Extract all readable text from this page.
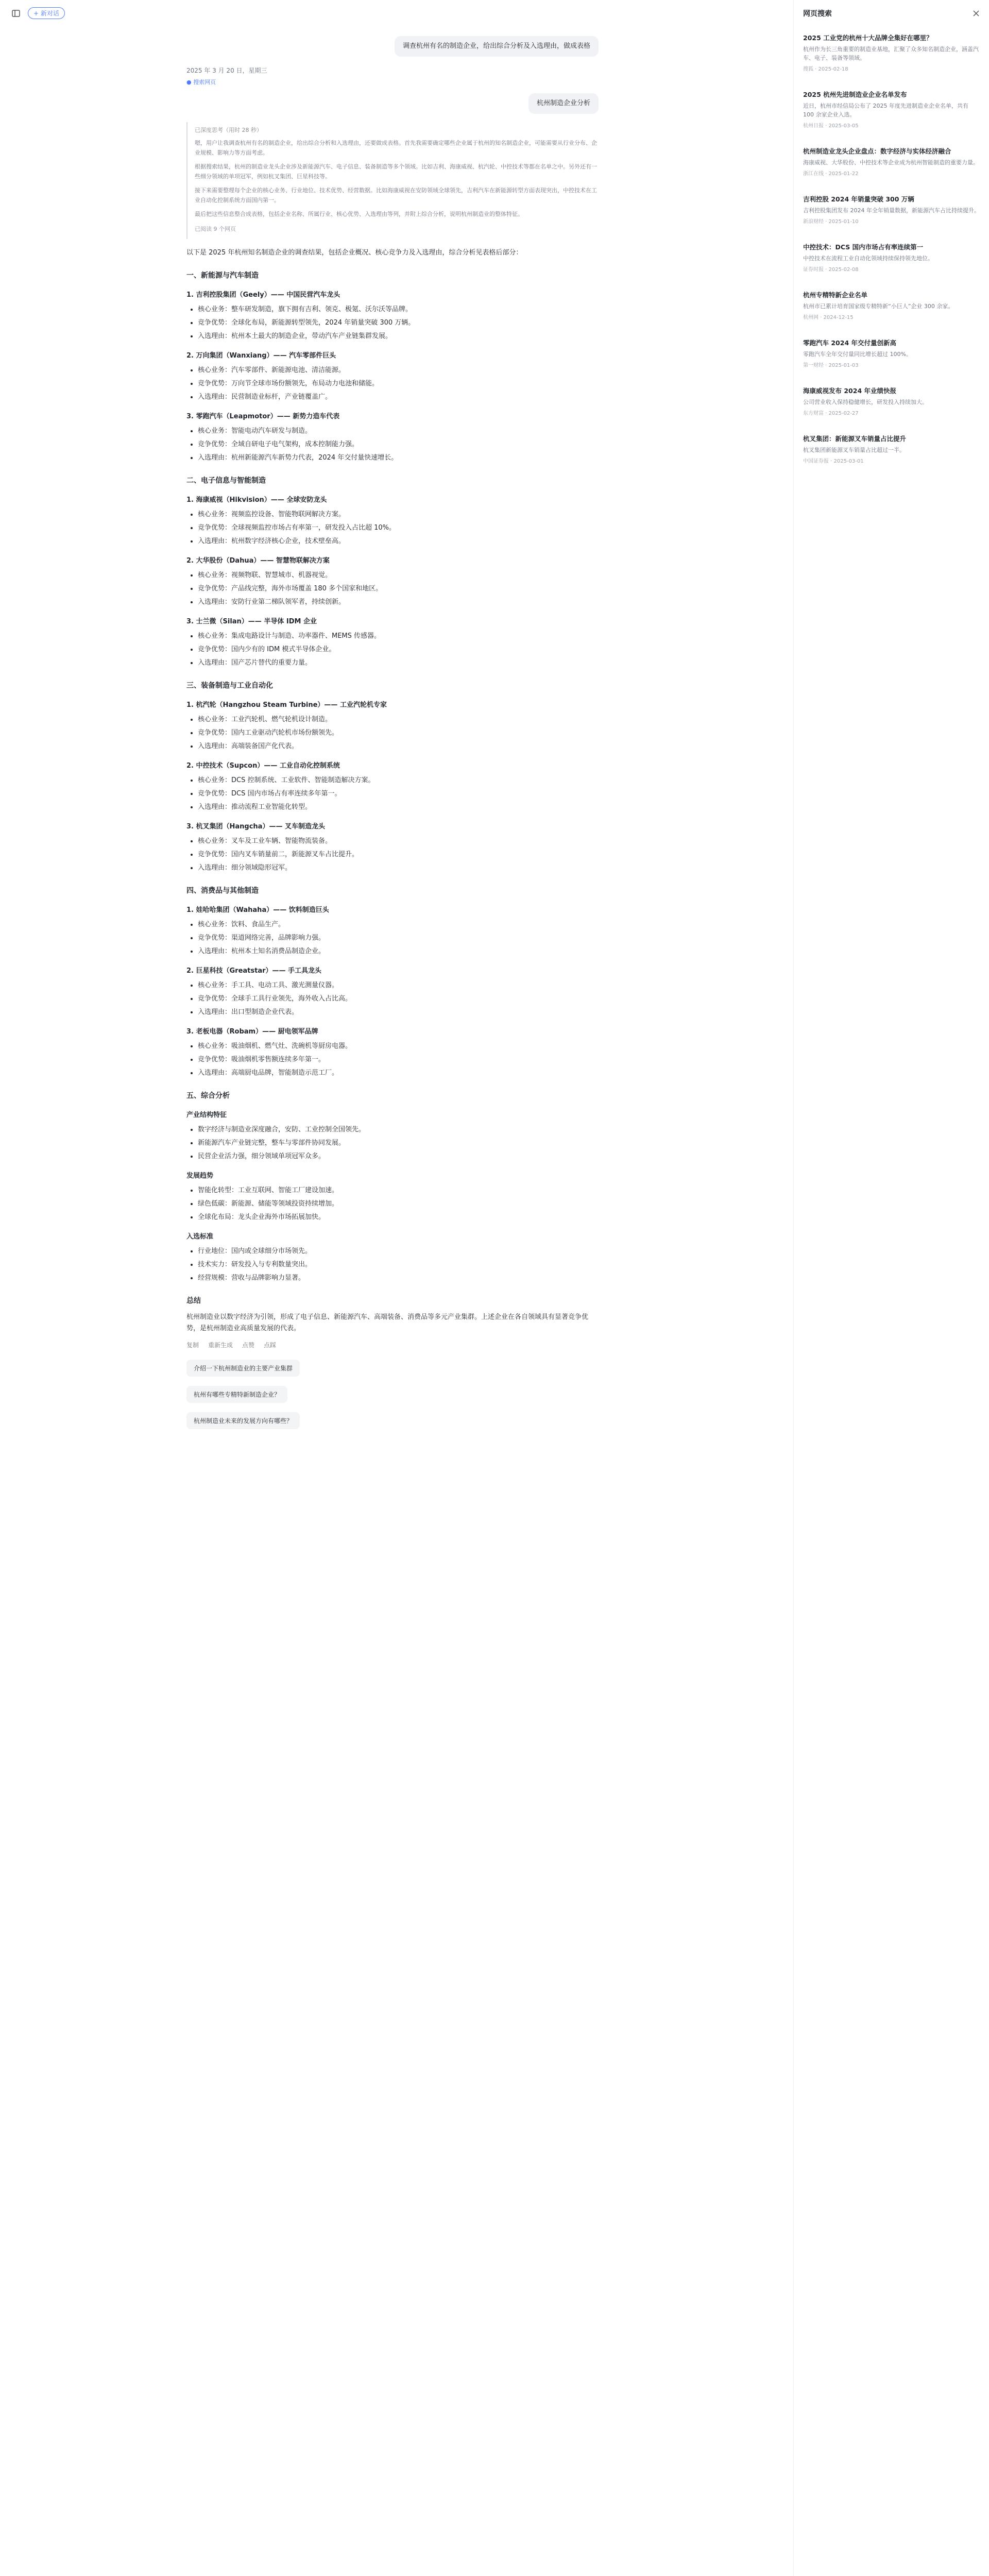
+ 新对话
调查杭州有名的制造企业，给出综合分析及入选理由，做成表格
2025 年 3 月 20 日，星期三
● 搜索网页
杭州制造企业分析
已深度思考（用时 28 秒）

嗯，用户让我调查杭州有名的制造企业，给出综合分析和入选理由，还要做成表格。首先我需要确定哪些企业属于杭州的知名制造企业，可能需要从行业分布、企业规模、影响力等方面考虑。

根据搜索结果，杭州的制造业龙头企业涉及新能源汽车、电子信息、装备制造等多个领域。比如吉利、海康威视、杭汽轮、中控技术等都在名单之中。另外还有一些细分领域的单项冠军，例如杭叉集团、巨星科技等。

接下来需要整理每个企业的核心业务、行业地位、技术优势、经营数据。比如海康威视在安防领域全球领先，吉利汽车在新能源转型方面表现突出，中控技术在工业自动化控制系统方面国内第一。

最后把这些信息整合成表格，包括企业名称、所属行业、核心优势、入选理由等列，并附上综合分析，说明杭州制造业的整体特征。

已阅读 9 个网页

以下是 2025 年杭州知名制造企业的调查结果，包括企业概况、核心竞争力及入选理由，综合分析见表格后部分：

一、新能源与汽车制造
1. 吉利控股集团（Geely）—— 中国民营汽车龙头
• 核心业务：整车研发制造，旗下拥有吉利、领克、极氪、沃尔沃等品牌。
• 竞争优势：全球化布局，新能源转型领先，2024 年销量突破 300 万辆。
• 入选理由：杭州本土最大的制造企业，带动汽车产业链集群发展。
2. 万向集团（Wanxiang）—— 汽车零部件巨头
• 核心业务：汽车零部件、新能源电池、清洁能源。
• 竞争优势：万向节全球市场份额领先，布局动力电池和储能。
• 入选理由：民营制造业标杆，产业链覆盖广。
3. 零跑汽车（Leapmotor）—— 新势力造车代表
• 核心业务：智能电动汽车研发与制造。
• 竞争优势：全域自研电子电气架构，成本控制能力强。
• 入选理由：杭州新能源汽车新势力代表，2024 年交付量快速增长。
二、电子信息与智能制造
1. 海康威视（Hikvision）—— 全球安防龙头
• 核心业务：视频监控设备、智能物联网解决方案。
• 竞争优势：全球视频监控市场占有率第一，研发投入占比超 10%。
• 入选理由：杭州数字经济核心企业，技术壁垒高。
2. 大华股份（Dahua）—— 智慧物联解决方案
• 核心业务：视频物联、智慧城市、机器视觉。
• 竞争优势：产品线完整，海外市场覆盖 180 多个国家和地区。
• 入选理由：安防行业第二梯队领军者，持续创新。
3. 士兰微（Silan）—— 半导体 IDM 企业
• 核心业务：集成电路设计与制造、功率器件、MEMS 传感器。
• 竞争优势：国内少有的 IDM 模式半导体企业。
• 入选理由：国产芯片替代的重要力量。
三、装备制造与工业自动化
1. 杭汽轮（Hangzhou Steam Turbine）—— 工业汽轮机专家
• 核心业务：工业汽轮机、燃气轮机设计制造。
• 竞争优势：国内工业驱动汽轮机市场份额领先。
• 入选理由：高端装备国产化代表。
2. 中控技术（Supcon）—— 工业自动化控制系统
• 核心业务：DCS 控制系统、工业软件、智能制造解决方案。
• 竞争优势：DCS 国内市场占有率连续多年第一。
• 入选理由：推动流程工业智能化转型。
3. 杭叉集团（Hangcha）—— 叉车制造龙头
• 核心业务：叉车及工业车辆、智能物流装备。
• 竞争优势：国内叉车销量前二，新能源叉车占比提升。
• 入选理由：细分领域隐形冠军。
四、消费品与其他制造
1. 娃哈哈集团（Wahaha）—— 饮料制造巨头
• 核心业务：饮料、食品生产。
• 竞争优势：渠道网络完善，品牌影响力强。
• 入选理由：杭州本土知名消费品制造企业。
2. 巨星科技（Greatstar）—— 手工具龙头
• 核心业务：手工具、电动工具、激光测量仪器。
• 竞争优势：全球手工具行业领先，海外收入占比高。
• 入选理由：出口型制造企业代表。
3. 老板电器（Robam）—— 厨电领军品牌
• 核心业务：吸油烟机、燃气灶、洗碗机等厨房电器。
• 竞争优势：吸油烟机零售额连续多年第一。
• 入选理由：高端厨电品牌，智能制造示范工厂。
五、综合分析
产业结构特征
• 数字经济与制造业深度融合，安防、工业控制全国领先。
• 新能源汽车产业链完整，整车与零部件协同发展。
• 民营企业活力强，细分领域单项冠军众多。
发展趋势
• 智能化转型：工业互联网、智能工厂建设加速。
• 绿色低碳：新能源、储能等领域投资持续增加。
• 全球化布局：龙头企业海外市场拓展加快。
入选标准
• 行业地位：国内或全球细分市场领先。
• 技术实力：研发投入与专利数量突出。
• 经营规模：营收与品牌影响力显著。
总结

杭州制造业以数字经济为引领，形成了电子信息、新能源汽车、高端装备、消费品等多元产业集群。上述企业在各自领域具有显著竞争优势，是杭州制造业高质量发展的代表。

复制 重新生成 点赞 点踩
介绍一下杭州制造业的主要产业集群
杭州有哪些专精特新制造企业？
杭州制造业未来的发展方向有哪些？
网页搜索
2025 工业党的杭州十大品牌全集好在哪里？
杭州作为长三角重要的制造业基地，汇聚了众多知名制造企业，涵盖汽车、电子、装备等领域。
搜狐 · 2025-02-18
2025 杭州先进制造业企业名单发布
近日，杭州市经信局公布了 2025 年度先进制造业企业名单，共有 100 余家企业入选。
杭州日报 · 2025-03-05
杭州制造业龙头企业盘点：数字经济与实体经济融合
海康威视、大华股份、中控技术等企业成为杭州智能制造的重要力量。
浙江在线 · 2025-01-22
吉利控股 2024 年销量突破 300 万辆
吉利控股集团发布 2024 年全年销量数据，新能源汽车占比持续提升。
新浪财经 · 2025-01-10
中控技术：DCS 国内市场占有率连续第一
中控技术在流程工业自动化领域持续保持领先地位。
证券时报 · 2025-02-08
杭州专精特新企业名单
杭州市已累计培育国家级专精特新“小巨人”企业 300 余家。
杭州网 · 2024-12-15
零跑汽车 2024 年交付量创新高
零跑汽车全年交付量同比增长超过 100%。
第一财经 · 2025-01-03
海康威视发布 2024 年业绩快报
公司营业收入保持稳健增长，研发投入持续加大。
东方财富 · 2025-02-27
杭叉集团：新能源叉车销量占比提升
杭叉集团新能源叉车销量占比超过一半。
中国证券报 · 2025-03-01
